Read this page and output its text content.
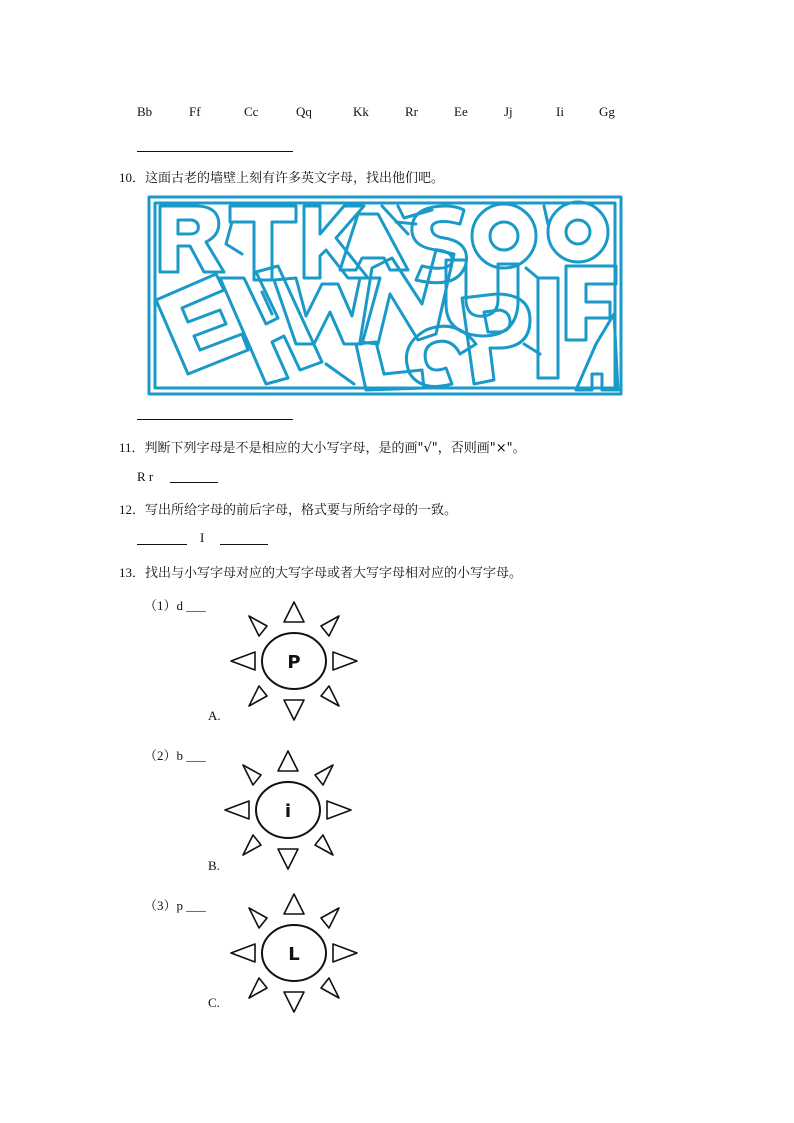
Bb	Ff	Cc	Qq	Kk	Rr	Ee	Jj	Ii	Gg
10．这面古老的墙壁上刻有许多英文字母，找出他们吧。
11．判断下列字母是不是相应的大小写字母，是的画"√"，否则画"×"。
R r
12．写出所给字母的前后字母，格式要与所给字母的一致。
I
13．找出与小写字母对应的大写字母或者大写字母相对应的小写字母。
（1）d ___
P
A.
（2）b ___
i
B.
（3）p ___
L
C.
